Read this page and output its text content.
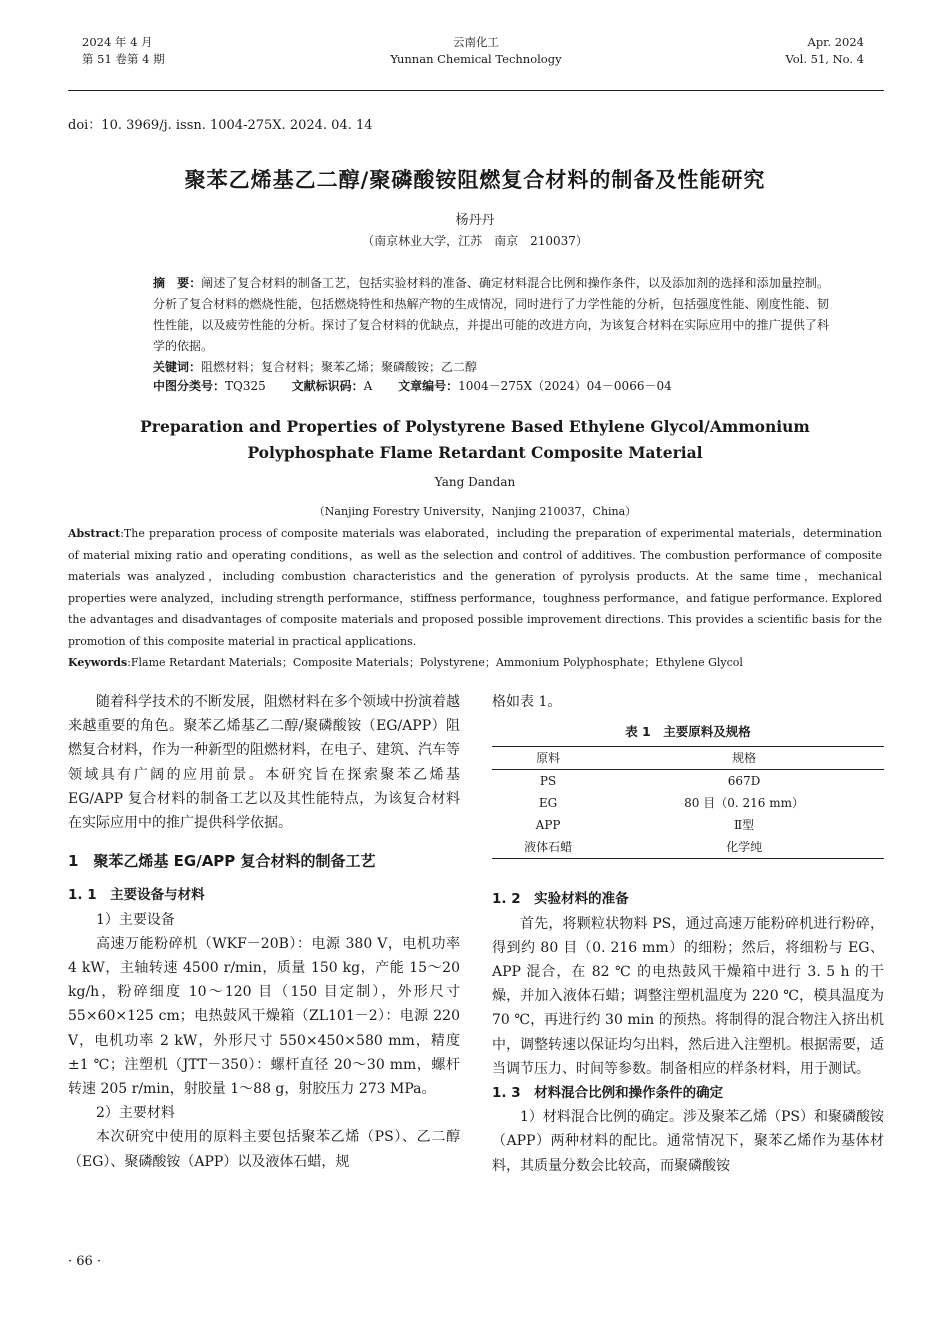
2024 年 4 月
第 51 卷第 4 期
云南化工
Yunnan Chemical Technology
Apr. 2024
Vol. 51, No. 4
doi：10. 3969/j. issn. 1004-275X. 2024. 04. 14
聚苯乙烯基乙二醇/聚磷酸铵阻燃复合材料的制备及性能研究
杨丹丹
（南京林业大学，江苏　南京　210037）

摘　要：阐述了复合材料的制备工艺，包括实验材料的准备、确定材料混合比例和操作条件，以及添加剂的选择和添加量控制。分析了复合材料的燃烧性能，包括燃烧特性和热解产物的生成情况，同时进行了力学性能的分析，包括强度性能、刚度性能、韧性性能，以及疲劳性能的分析。探讨了复合材料的优缺点，并提出可能的改进方向，为该复合材料在实际应用中的推广提供了科学的依据。

关键词：阻燃材料；复合材料；聚苯乙烯；聚磷酸铵；乙二醇

中图分类号：TQ325 文献标识码：A 文章编号：1004－275X（2024）04－0066－04
Preparation and Properties of Polystyrene Based Ethylene Glycol/Ammonium
Polyphosphate Flame Retardant Composite Material
Yang Dandan
（Nanjing Forestry University，Nanjing 210037，China）

Abstract:The preparation process of composite materials was elaborated，including the preparation of experimental materials，determination of material mixing ratio and operating conditions，as well as the selection and control of additives. The combustion performance of composite materials was analyzed，including combustion characteristics and the generation of pyrolysis products. At the same time，mechanical properties were analyzed，including strength performance，stiffness performance，toughness performance，and fatigue performance. Explored the advantages and disadvantages of composite materials and proposed possible improvement directions. This provides a scientific basis for the promotion of this composite material in practical applications.

Keywords:Flame Retardant Materials；Composite Materials；Polystyrene；Ammonium Polyphosphate；Ethylene Glycol

随着科学技术的不断发展，阻燃材料在多个领域中扮演着越来越重要的角色。聚苯乙烯基乙二醇/聚磷酸铵（EG/APP）阻燃复合材料，作为一种新型的阻燃材料，在电子、建筑、汽车等领域具有广阔的应用前景。本研究旨在探索聚苯乙烯基 EG/APP 复合材料的制备工艺以及其性能特点，为该复合材料在实际应用中的推广提供科学依据。

1　聚苯乙烯基 EG/APP 复合材料的制备工艺

1. 1　主要设备与材料

1）主要设备

高速万能粉碎机（WKF－20B）：电源 380 V，电机功率 4 kW，主轴转速 4500 r/min，质量 150 kg，产能 15～20 kg/h，粉碎细度 10～120 目（150 目定制），外形尺寸 55×60×125 cm；电热鼓风干燥箱（ZL101－2）：电源 220 V，电机功率 2 kW，外形尺寸 550×450×580 mm，精度±1 ℃；注塑机（JTT－350）：螺杆直径 20～30 mm，螺杆转速 205 r/min，射胶量 1～88 g，射胶压力 273 MPa。

2）主要材料

本次研究中使用的原料主要包括聚苯乙烯（PS）、乙二醇（EG）、聚磷酸铵（APP）以及液体石蜡，规

格如表 1。

表 1　 主要原料及规格

原料	规格
PS	667D
EG	80 目（0. 216 mm）
APP	Ⅱ型
液体石蜡	化学纯

1. 2　实验材料的准备

首先，将颗粒状物料 PS，通过高速万能粉碎机进行粉碎，得到约 80 目（0. 216 mm）的细粉；然后，将细粉与 EG、APP 混合，在 82 ℃ 的电热鼓风干燥箱中进行 3. 5 h 的干燥，并加入液体石蜡；调整注塑机温度为 220 ℃，模具温度为 70 ℃，再进行约 30 min 的预热。将制得的混合物注入挤出机中，调整转速以保证均匀出料，然后进入注塑机。根据需要，适当调节压力、时间等参数。制备相应的样条材料，用于测试。

1. 3　材料混合比例和操作条件的确定

1）材料混合比例的确定。涉及聚苯乙烯（PS）和聚磷酸铵（APP）两种材料的配比。通常情况下，聚苯乙烯作为基体材料，其质量分数会比较高，而聚磷酸铵

· 66 ·
